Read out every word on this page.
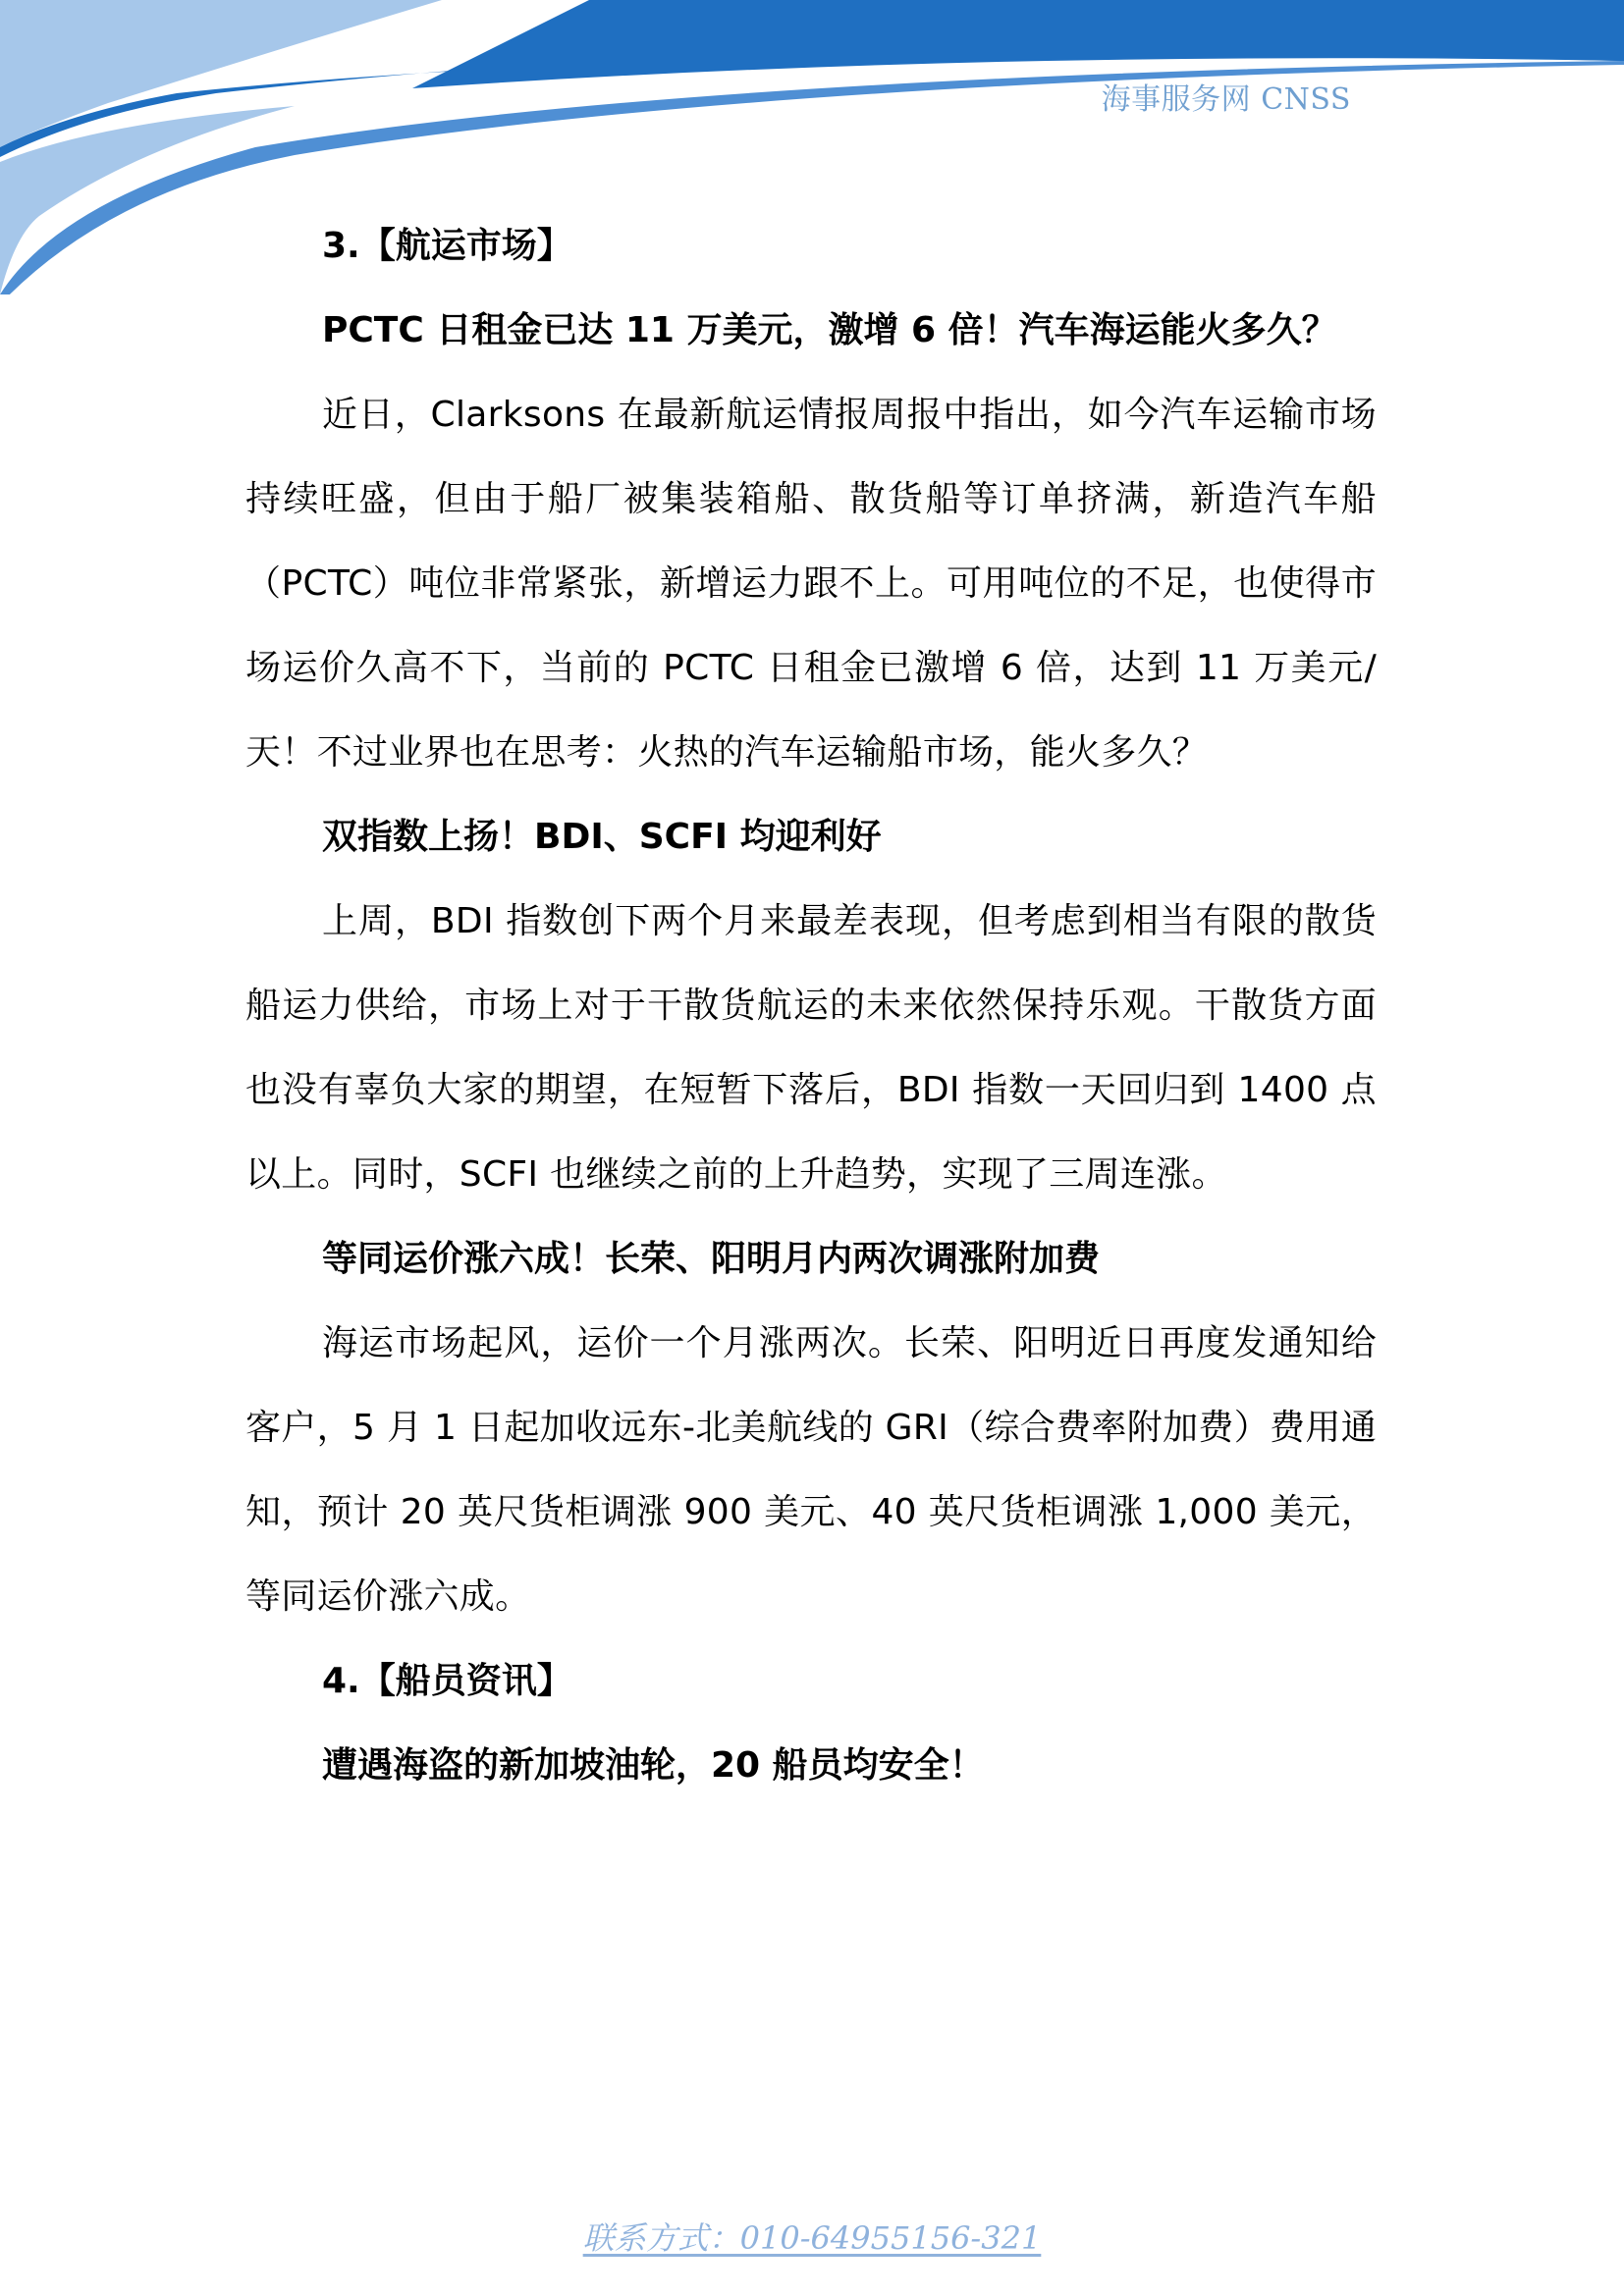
海事服务网 CNSS
3.【航运市场】
PCTC 日租金已达 11 万美元，激增 6 倍！汽车海运能火多久？

近日，Clarksons 在最新航运情报周报中指出，如今汽车运输市场持续旺盛，但由于船厂被集装箱船、散货船等订单挤满，新造汽车船（PCTC）吨位非常紧张，新增运力跟不上。可用吨位的不足，也使得市场运价久高不下，当前的 PCTC 日租金已激增 6 倍，达到 11 万美元/天！不过业界也在思考：火热的汽车运输船市场，能火多久？

双指数上扬！BDI、SCFI 均迎利好

上周，BDI 指数创下两个月来最差表现，但考虑到相当有限的散货船运力供给，市场上对于干散货航运的未来依然保持乐观。干散货方面也没有辜负大家的期望，在短暂下落后，BDI 指数一天回归到 1400 点以上。同时，SCFI 也继续之前的上升趋势，实现了三周连涨。

等同运价涨六成！长荣、阳明月内两次调涨附加费

海运市场起风，运价一个月涨两次。长荣、阳明近日再度发通知给客户，5 月 1 日起加收远东-北美航线的 GRI（综合费率附加费）费用通知，预计 20 英尺货柜调涨 900 美元、40 英尺货柜调涨 1,000 美元，等同运价涨六成。

4.【船员资讯】
遭遇海盗的新加坡油轮，20 船员均安全！
联系方式：010-64955156-321
